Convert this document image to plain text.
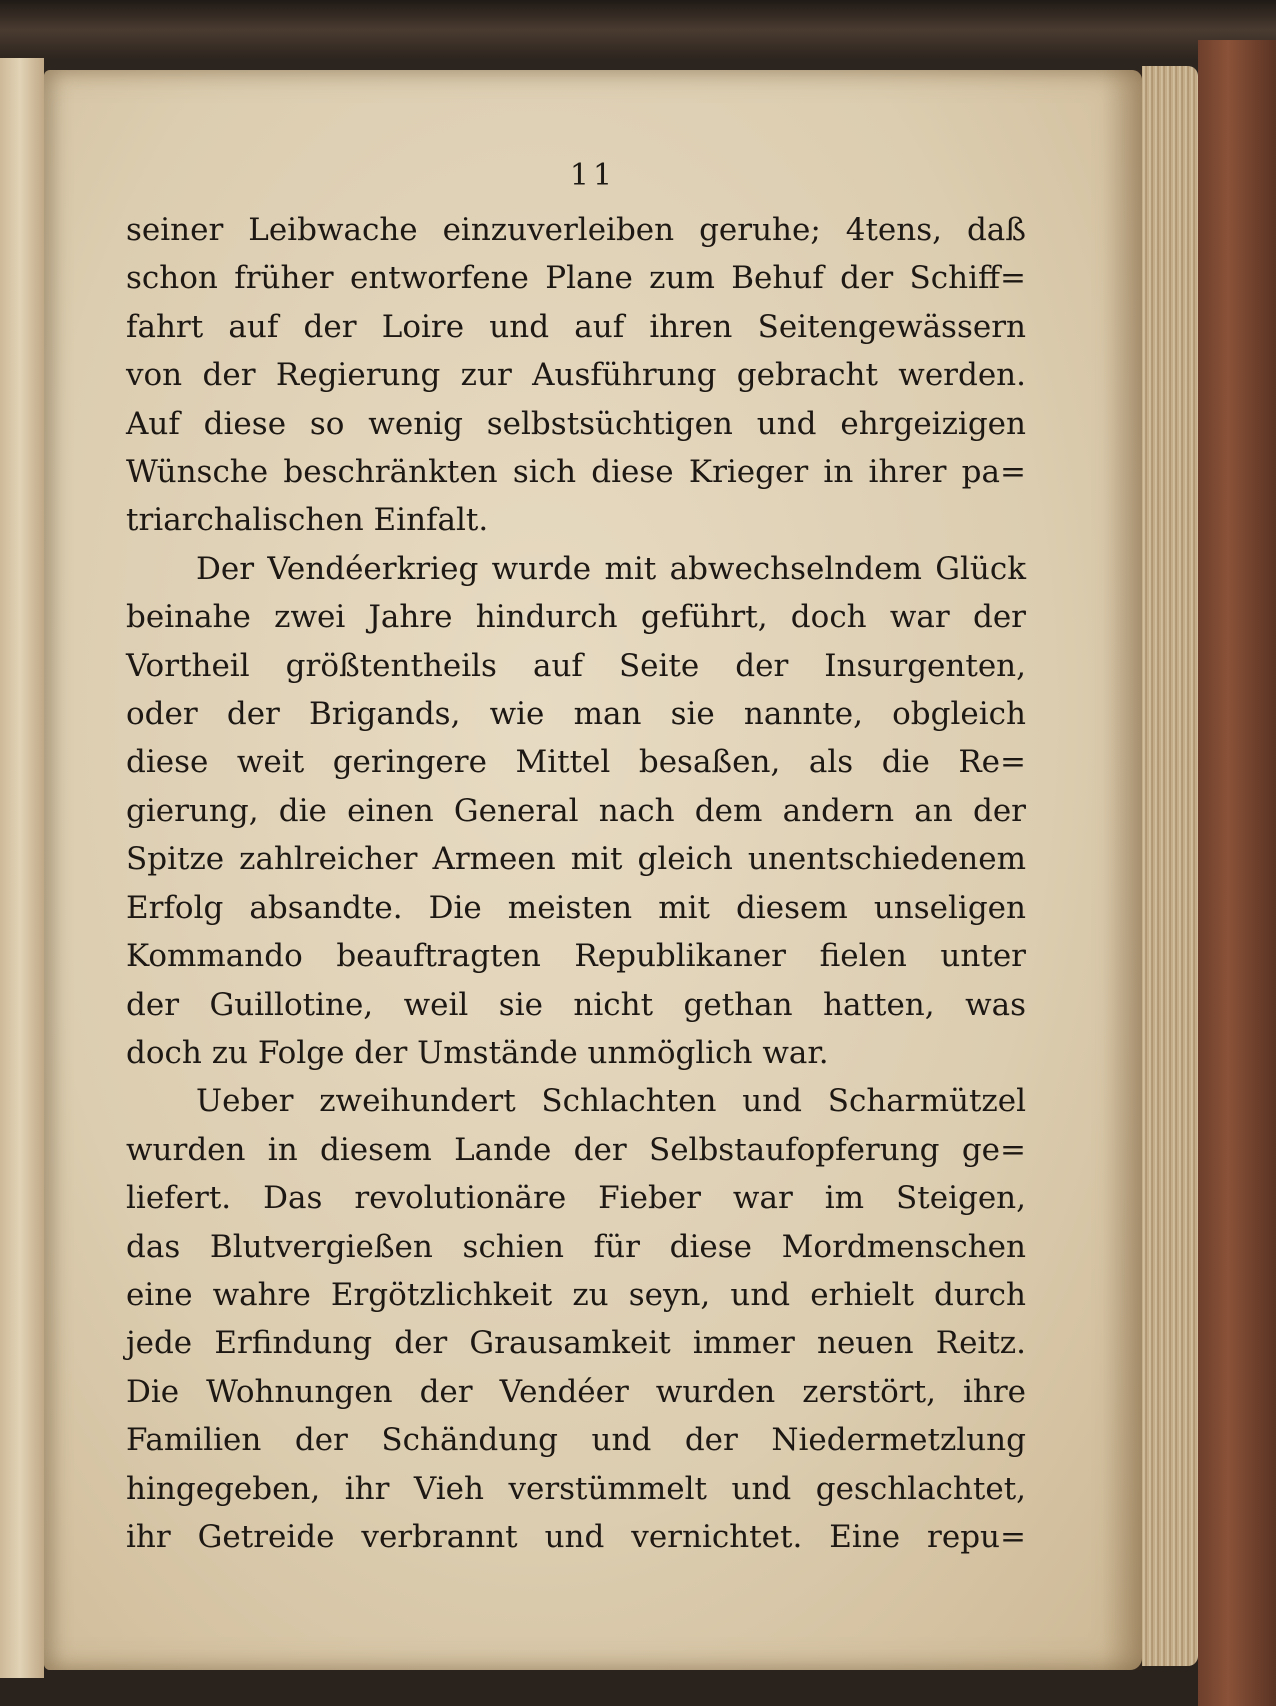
11
seiner Leibwache einzuverleiben geruhe; 4tens, daß
schon früher entworfene Plane zum Behuf der Schiff=
fahrt auf der Loire und auf ihren Seitengewässern
von der Regierung zur Ausführung gebracht werden.
Auf diese so wenig selbstsüchtigen und ehrgeizigen
Wünsche beschränkten sich diese Krieger in ihrer pa=
triarchalischen Einfalt.
Der Vendéerkrieg wurde mit abwechselndem Glück
beinahe zwei Jahre hindurch geführt, doch war der
Vortheil größtentheils auf Seite der Insurgenten,
oder der Brigands, wie man sie nannte, obgleich
diese weit geringere Mittel besaßen, als die Re=
gierung, die einen General nach dem andern an der
Spitze zahlreicher Armeen mit gleich unentschiedenem
Erfolg absandte. Die meisten mit diesem unseligen
Kommando beauftragten Republikaner fielen unter
der Guillotine, weil sie nicht gethan hatten, was
doch zu Folge der Umstände unmöglich war.
Ueber zweihundert Schlachten und Scharmützel
wurden in diesem Lande der Selbstaufopferung ge=
liefert. Das revolutionäre Fieber war im Steigen,
das Blutvergießen schien für diese Mordmenschen
eine wahre Ergötzlichkeit zu seyn, und erhielt durch
jede Erfindung der Grausamkeit immer neuen Reitz.
Die Wohnungen der Vendéer wurden zerstört, ihre
Familien der Schändung und der Niedermetzlung
hingegeben, ihr Vieh verstümmelt und geschlachtet,
ihr Getreide verbrannt und vernichtet. Eine repu=
